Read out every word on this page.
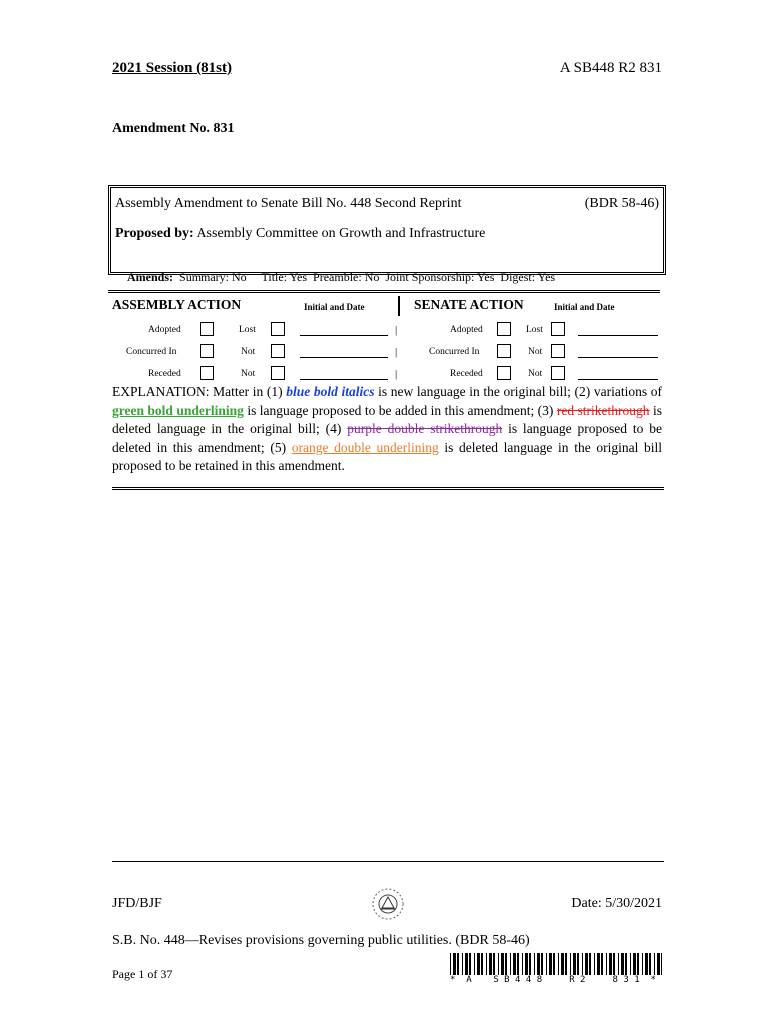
2021 Session (81st)	A SB448 R2 831
Amendment No. 831
Assembly Amendment to Senate Bill No. 448 Second Reprint	(BDR 58-46)
Proposed by: Assembly Committee on Growth and Infrastructure

Amends: Summary: No     Title: Yes  Preamble: No  Joint Sponsorship: Yes  Digest: Yes

ASSEMBLY ACTION	Initial and Date	SENATE ACTION	Initial and Date
Adopted	Lost	|	Adopted	Lost
Concurred In	Not	|	Concurred In	Not
Receded	Not	|	Receded	Not
EXPLANATION: Matter in (1) blue bold italics is new language in the original bill; (2) variations of green bold underlining is language proposed to be added in this amendment; (3) red strikethrough is deleted language in the original bill; (4) purple double strikethrough is language proposed to be deleted in this amendment; (5) orange double underlining is deleted language in the original bill proposed to be retained in this amendment.
JFD/BJF	Date: 5/30/2021
S.B. No. 448—Revises provisions governing public utilities. (BDR 58-46)
Page 1 of 37	*  A    S B 4 4 8     R 2     8 3 1  *
